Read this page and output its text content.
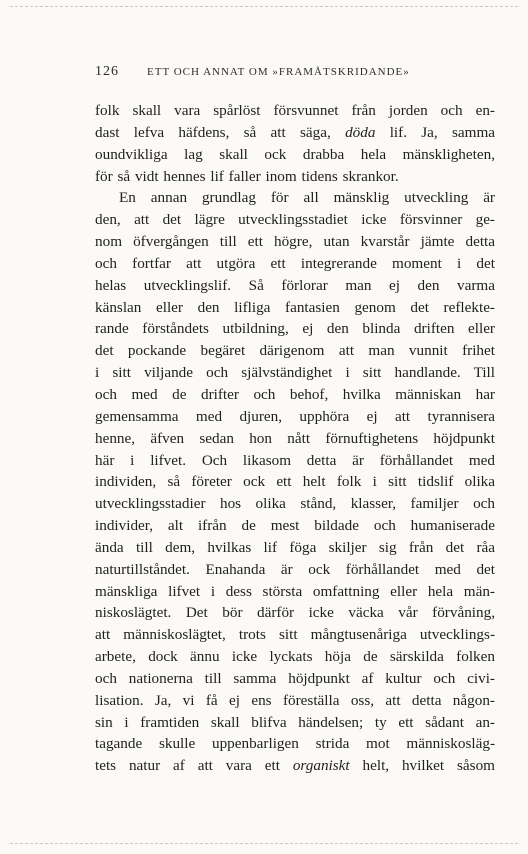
126	ETT OCH ANNAT OM »FRAMÅTSKRIDANDE»
folk skall vara spårlöst försvunnet från jorden och en-
dast lefva häfdens, så att säga, döda lif. Ja, samma
oundvikliga lag skall ock drabba hela mänskligheten,
för så vidt hennes lif faller inom tidens skrankor.
En annan grundlag för all mänsklig utveckling är
den, att det lägre utvecklingsstadiet icke försvinner ge-
nom öfvergången till ett högre, utan kvarstår jämte detta
och fortfar att utgöra ett integrerande moment i det
helas utvecklingslif. Så förlorar man ej den varma
känslan eller den lifliga fantasien genom det reflekte-
rande förståndets utbildning, ej den blinda driften eller
det pockande begäret därigenom att man vunnit frihet
i sitt viljande och självständighet i sitt handlande. Till
och med de drifter och behof, hvilka människan har
gemensamma med djuren, upphöra ej att tyrannisera
henne, äfven sedan hon nått förnuftighetens höjdpunkt
här i lifvet. Och likasom detta är förhållandet med
individen, så företer ock ett helt folk i sitt tidslif olika
utvecklingsstadier hos olika stånd, klasser, familjer och
individer, alt ifrån de mest bildade och humaniserade
ända till dem, hvilkas lif föga skiljer sig från det råa
naturtillståndet. Enahanda är ock förhållandet med det
mänskliga lifvet i dess största omfattning eller hela män-
niskoslägtet. Det bör därför icke väcka vår förvåning,
att människoslägtet, trots sitt mångtusenåriga utvecklings-
arbete, dock ännu icke lyckats höja de särskilda folken
och nationerna till samma höjdpunkt af kultur och civi-
lisation. Ja, vi få ej ens föreställa oss, att detta någon-
sin i framtiden skall blifva händelsen; ty ett sådant an-
tagande skulle uppenbarligen strida mot människosläg-
tets natur af att vara ett organiskt helt, hvilket såsom
